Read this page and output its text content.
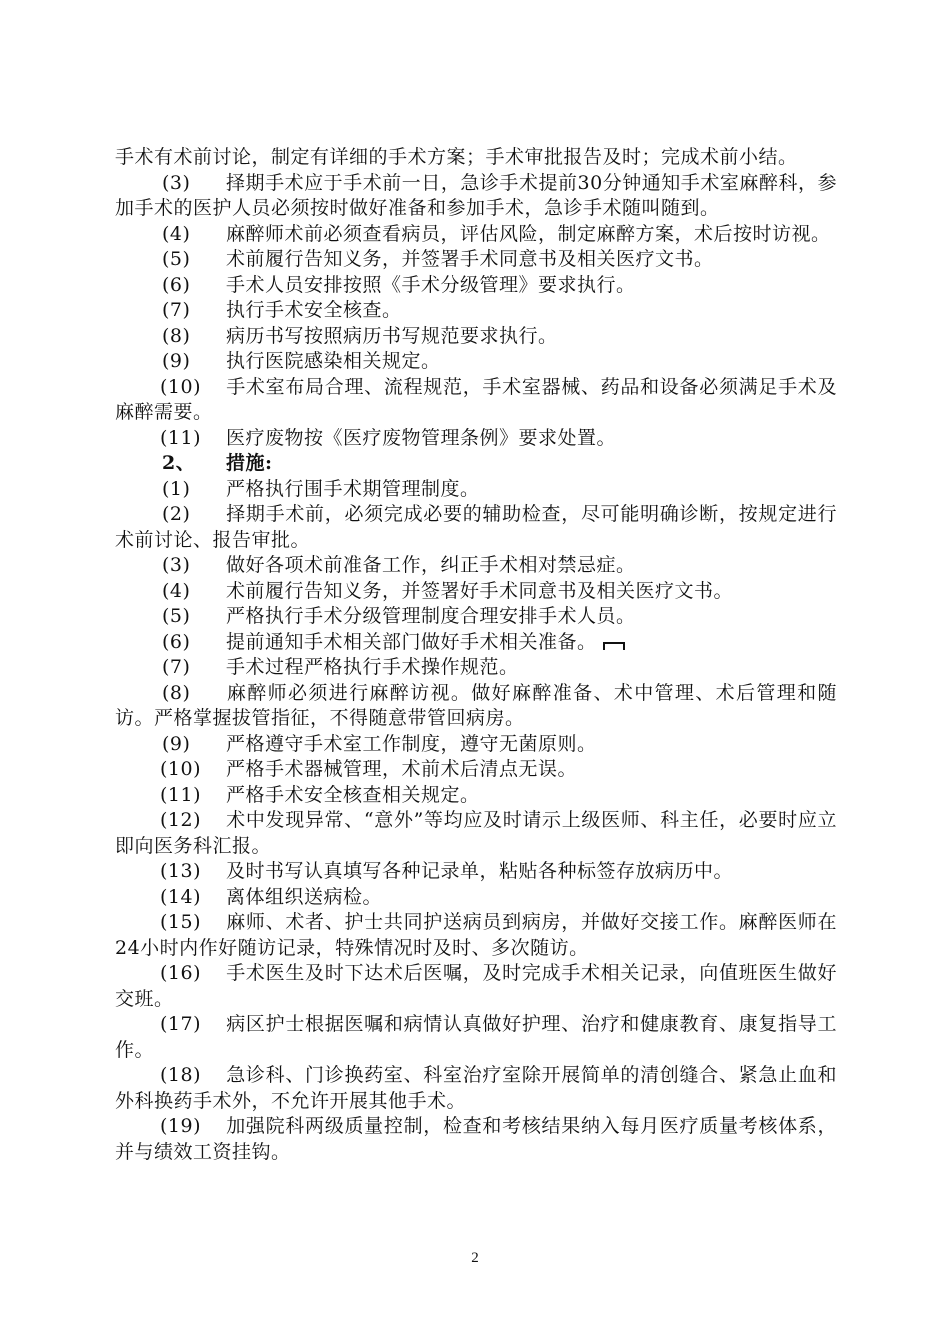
手术有术前讨论，制定有详细的手术方案；手术审批报告及时；完成术前小结。

(3) 择期手术应于手术前一日，急诊手术提前30分钟通知手术室麻醉科，参加手术的医护人员必须按时做好准备和参加手术，急诊手术随叫随到。

(4) 麻醉师术前必须查看病员，评估风险，制定麻醉方案，术后按时访视。

(5) 术前履行告知义务，并签署手术同意书及相关医疗文书。

(6) 手术人员安排按照《手术分级管理》要求执行。

(7) 执行手术安全核查。

(8) 病历书写按照病历书写规范要求执行。

(9) 执行医院感染相关规定。

(10) 手术室布局合理、流程规范，手术室器械、药品和设备必须满足手术及麻醉需要。

(11) 医疗废物按《医疗废物管理条例》要求处置。

2、 措施:

(1) 严格执行围手术期管理制度。

(2) 择期手术前，必须完成必要的辅助检查，尽可能明确诊断，按规定进行术前讨论、报告审批。

(3) 做好各项术前准备工作，纠正手术相对禁忌症。

(4) 术前履行告知义务，并签署好手术同意书及相关医疗文书。

(5) 严格执行手术分级管理制度合理安排手术人员。

(6) 提前通知手术相关部门做好手术相关准备。

(7) 手术过程严格执行手术操作规范。

(8) 麻醉师必须进行麻醉访视。做好麻醉准备、术中管理、术后管理和随访。严格掌握拔管指征，不得随意带管回病房。

(9) 严格遵守手术室工作制度，遵守无菌原则。

(10) 严格手术器械管理，术前术后清点无误。

(11) 严格手术安全核查相关规定。

(12) 术中发现异常、“意外”等均应及时请示上级医师、科主任，必要时应立即向医务科汇报。

(13) 及时书写认真填写各种记录单，粘贴各种标签存放病历中。

(14) 离体组织送病检。

(15) 麻师、术者、护士共同护送病员到病房，并做好交接工作。麻醉医师在24小时内作好随访记录，特殊情况时及时、多次随访。

(16) 手术医生及时下达术后医嘱，及时完成手术相关记录，向值班医生做好交班。

(17) 病区护士根据医嘱和病情认真做好护理、治疗和健康教育、康复指导工作。

(18) 急诊科、门诊换药室、科室治疗室除开展简单的清创缝合、紧急止血和外科换药手术外，不允许开展其他手术。

(19) 加强院科两级质量控制，检查和考核结果纳入每月医疗质量考核体系，并与绩效工资挂钩。

2
